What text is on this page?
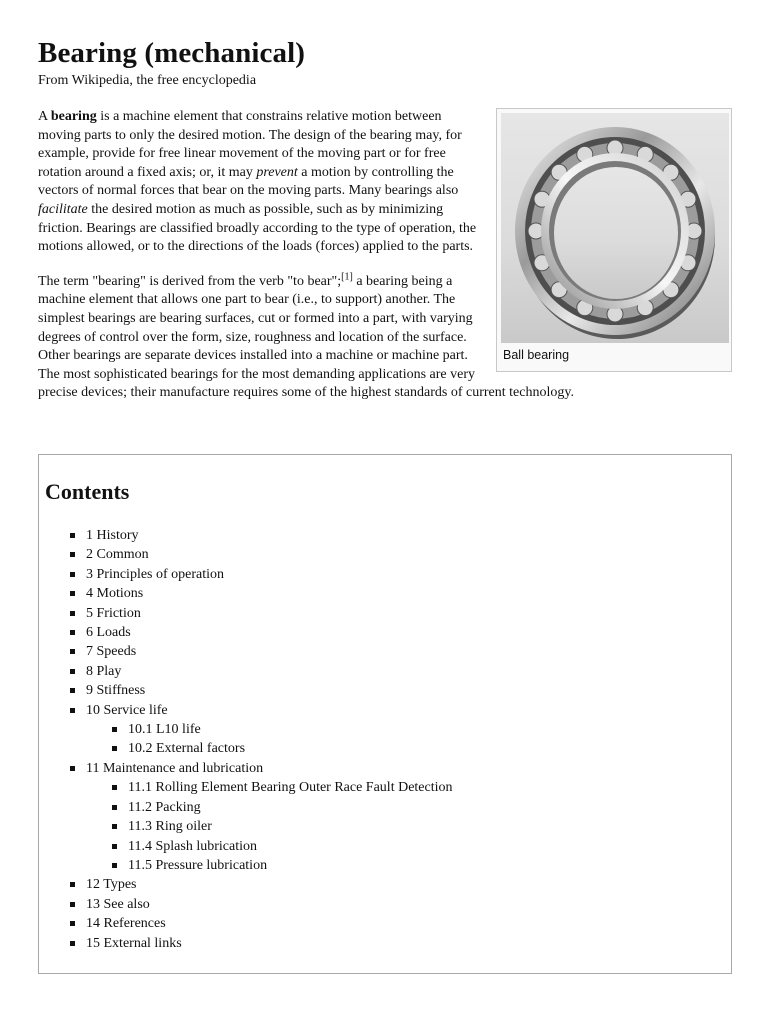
Bearing (mechanical)
From Wikipedia, the free encyclopedia
Ball bearing

A bearing is a machine element that constrains relative motion between moving parts to only the desired motion. The design of the bearing may, for example, provide for free linear movement of the moving part or for free rotation around a fixed axis; or, it may prevent a motion by controlling the vectors of normal forces that bear on the moving parts. Many bearings also facilitate the desired motion as much as possible, such as by minimizing friction. Bearings are classified broadly according to the type of operation, the motions allowed, or to the directions of the loads (forces) applied to the parts.

The term "bearing" is derived from the verb "to bear";[1] a bearing being a machine element that allows one part to bear (i.e., to support) another. The simplest bearings are bearing surfaces, cut or formed into a part, with varying degrees of control over the form, size, roughness and location of the surface. Other bearings are separate devices installed into a machine or machine part. The most sophisticated bearings for the most demanding applications are very precise devices; their manufacture requires some of the highest standards of current technology.

Contents
1 History
2 Common
3 Principles of operation
4 Motions
5 Friction
6 Loads
7 Speeds
8 Play
9 Stiffness
10 Service life
10.1 L10 life
10.2 External factors
11 Maintenance and lubrication
11.1 Rolling Element Bearing Outer Race Fault Detection
11.2 Packing
11.3 Ring oiler
11.4 Splash lubrication
11.5 Pressure lubrication
12 Types
13 See also
14 References
15 External links
